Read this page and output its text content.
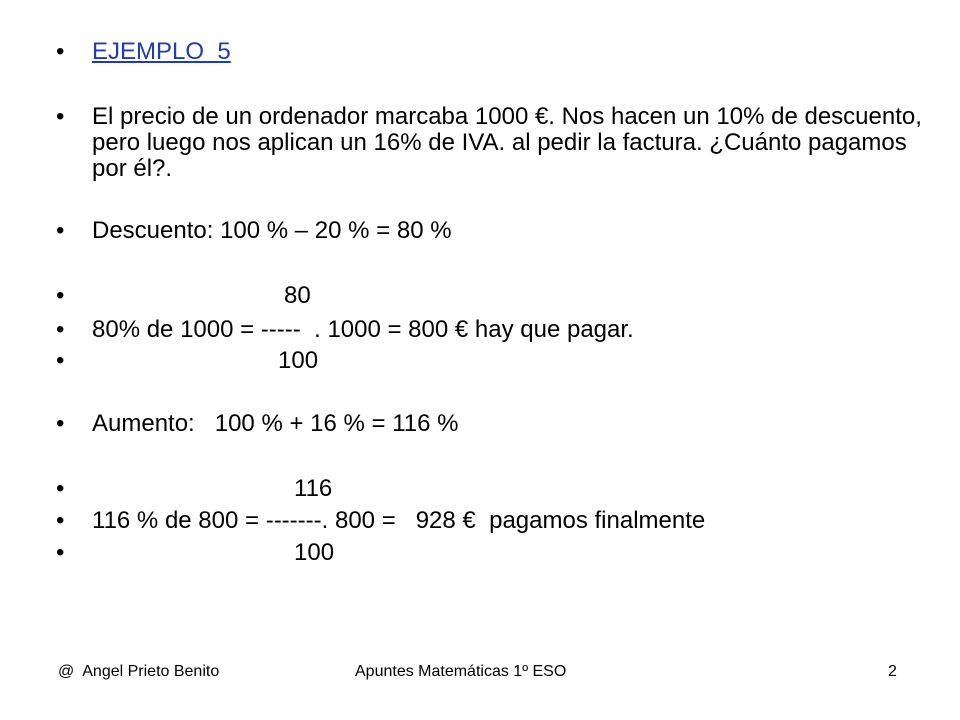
• EJEMPLO  5
• El precio de un ordenador marcaba 1000 €. Nos hacen un 10% de descuento, pero luego nos aplican un 16% de IVA. al pedir la factura. ¿Cuánto pagamos por él?.
• Descuento: 100 % – 20 % = 80 %
•	80
• 80% de 1000 = -----  . 1000 = 800 € hay que pagar.
•	100
• Aumento:   100 % + 16 % = 116 %
•	116
• 116 % de 800 = -------. 800 =   928 €  pagamos finalmente
•	100
@  Angel Prieto Benito	Apuntes Matemáticas 1º ESO	2
